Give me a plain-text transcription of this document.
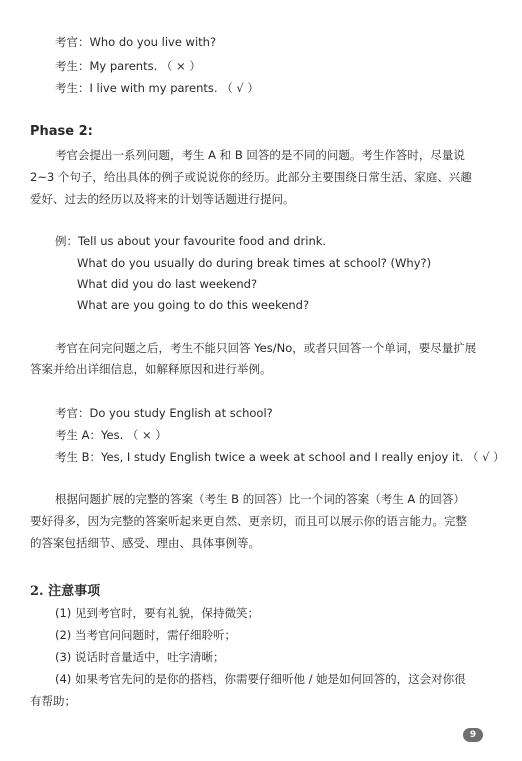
考官：Who do you live with?
考生：My parents. （ × ）
考生：I live with my parents. （ √ ）
Phase 2:
考官会提出一系列问题，考生 A 和 B 回答的是不同的问题。考生作答时，尽量说
2~3 个句子，给出具体的例子或说说你的经历。此部分主要围绕日常生活、家庭、兴趣
爱好、过去的经历以及将来的计划等话题进行提问。
例：Tell us about your favourite food and drink.
What do you usually do during break times at school? (Why?)
What did you do last weekend?
What are you going to do this weekend?
考官在问完问题之后，考生不能只回答 Yes/No，或者只回答一个单词，要尽量扩展
答案并给出详细信息，如解释原因和进行举例。
考官：Do you study English at school?
考生 A：Yes. （ × ）
考生 B：Yes, I study English twice a week at school and I really enjoy it. （ √ ）
根据问题扩展的完整的答案（考生 B 的回答）比一个词的答案（考生 A 的回答）
要好得多，因为完整的答案听起来更自然、更亲切，而且可以展示你的语言能力。完整
的答案包括细节、感受、理由、具体事例等。
2. 注意事项
(1) 见到考官时，要有礼貌，保持微笑；
(2) 当考官问问题时，需仔细聆听；
(3) 说话时音量适中，吐字清晰；
(4) 如果考官先问的是你的搭档，你需要仔细听他 / 她是如何回答的，这会对你很
有帮助；
9
